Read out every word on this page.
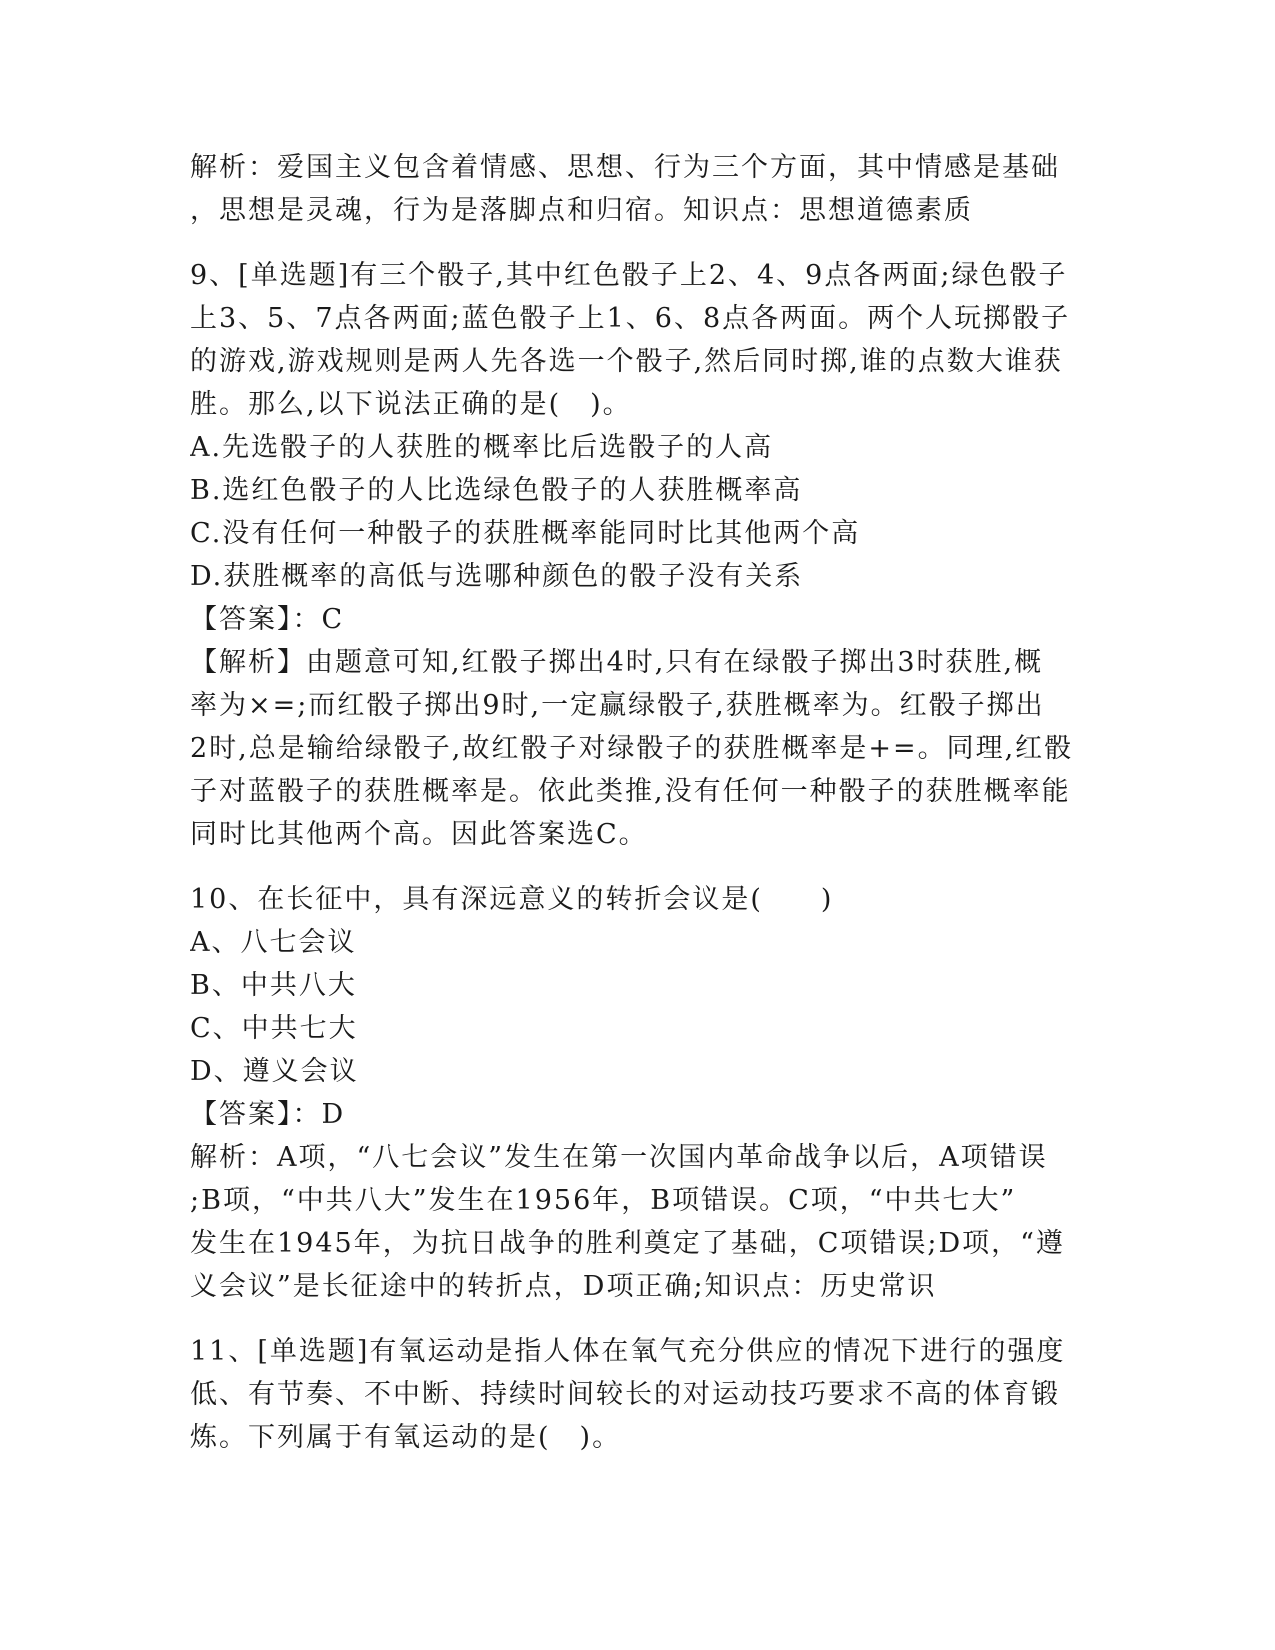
解析：爱国主义包含着情感、思想、行为三个方面，其中情感是基础
，思想是灵魂，行为是落脚点和归宿。知识点：思想道德素质
9、[单选题]有三个骰子,其中红色骰子上2、4、9点各两面;绿色骰子
上3、5、7点各两面;蓝色骰子上1、6、8点各两面。两个人玩掷骰子
的游戏,游戏规则是两人先各选一个骰子,然后同时掷,谁的点数大谁获
胜。那么,以下说法正确的是(　)。
A.先选骰子的人获胜的概率比后选骰子的人高
B.选红色骰子的人比选绿色骰子的人获胜概率高
C.没有任何一种骰子的获胜概率能同时比其他两个高
D.获胜概率的高低与选哪种颜色的骰子没有关系
【答案】：C
【解析】由题意可知,红骰子掷出4时,只有在绿骰子掷出3时获胜,概
率为×=;而红骰子掷出9时,一定赢绿骰子,获胜概率为。红骰子掷出
2时,总是输给绿骰子,故红骰子对绿骰子的获胜概率是+=。同理,红骰
子对蓝骰子的获胜概率是。依此类推,没有任何一种骰子的获胜概率能
同时比其他两个高。因此答案选C。
10、在长征中，具有深远意义的转折会议是(　　)
A、八七会议
B、中共八大
C、中共七大
D、遵义会议
【答案】：D
解析：A项，“八七会议”发生在第一次国内革命战争以后，A项错误
;B项，“中共八大”发生在1956年，B项错误。C项，“中共七大”
发生在1945年，为抗日战争的胜利奠定了基础，C项错误;D项，“遵
义会议”是长征途中的转折点，D项正确;知识点：历史常识
11、[单选题]有氧运动是指人体在氧气充分供应的情况下进行的强度
低、有节奏、不中断、持续时间较长的对运动技巧要求不高的体育锻
炼。下列属于有氧运动的是(　)。
